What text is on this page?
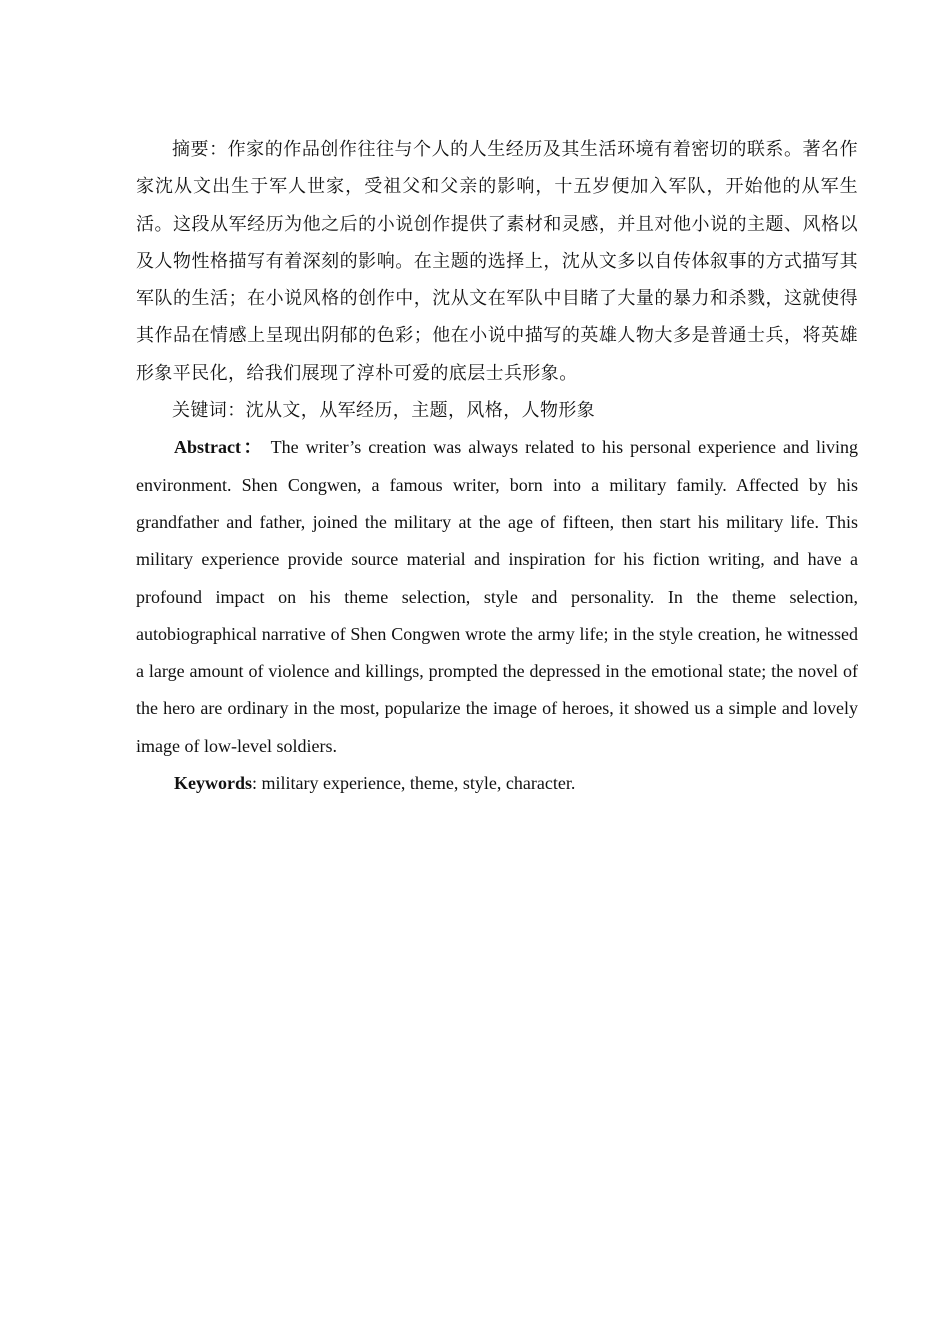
摘要：作家的作品创作往往与个人的人生经历及其生活环境有着密切的联系。著名作家沈从文出生于军人世家，受祖父和父亲的影响，十五岁便加入军队，开始他的从军生活。这段从军经历为他之后的小说创作提供了素材和灵感，并且对他小说的主题、风格以及人物性格描写有着深刻的影响。在主题的选择上，沈从文多以自传体叙事的方式描写其军队的生活；在小说风格的创作中，沈从文在军队中目睹了大量的暴力和杀戮，这就使得其作品在情感上呈现出阴郁的色彩；他在小说中描写的英雄人物大多是普通士兵，将英雄形象平民化，给我们展现了淳朴可爱的底层士兵形象。

关键词：沈从文，从军经历，主题，风格，人物形象

Abstract： The writer’s creation was always related to his personal experience and living environment. Shen Congwen, a famous writer, born into a military family. Affected by his grandfather and father, joined the military at the age of fifteen, then start his military life. This military experience provide source material and inspiration for his fiction writing, and have a profound impact on his theme selection, style and personality. In the theme selection, autobiographical narrative of Shen Congwen wrote the army life; in the style creation, he witnessed a large amount of violence and killings, prompted the depressed in the emotional state; the novel of the hero are ordinary in the most, popularize the image of heroes, it showed us a simple and lovely image of low-level soldiers.

Keywords: military experience, theme, style, character.
